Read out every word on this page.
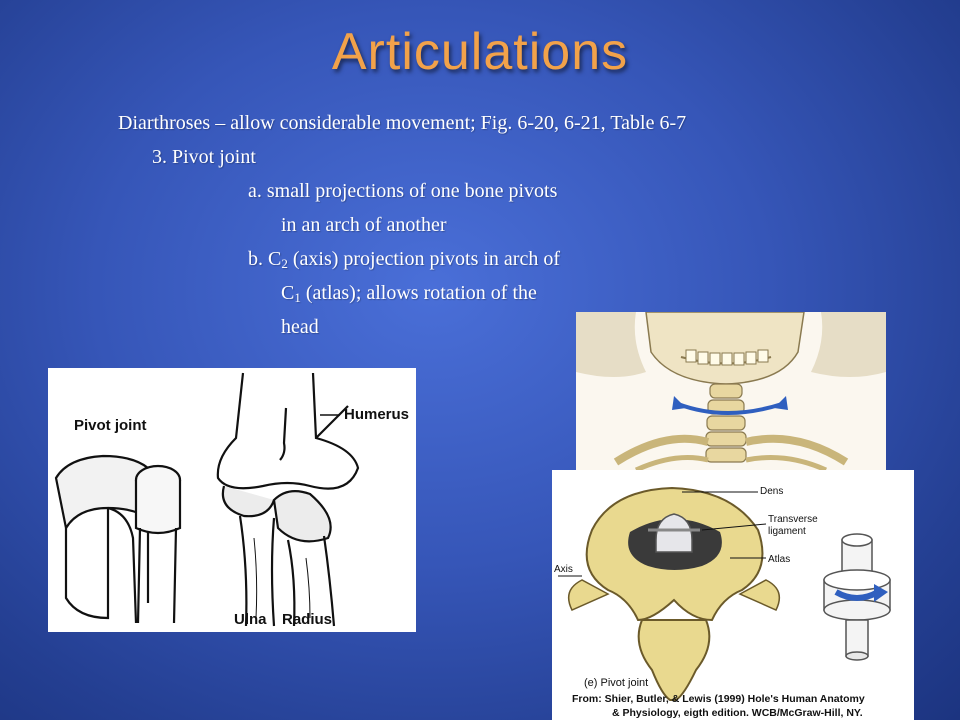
Articulations
Diarthroses – allow considerable movement; Fig. 6-20, 6-21, Table 6-7
3. Pivot joint
a. small projections of one bone pivots
in an arch of another
b. $C_2$ (axis) projection pivots in arch of
$C_1$ (atlas); allows rotation of the
head
Pivot joint
Humerus
Ulna Radius
Dens
Transverse
ligament
Atlas
Axis
(e) Pivot joint
From: Shier, Butler, & Lewis (1999) Hole's Human Anatomy
& Physiology, eigth edition. WCB/McGraw-Hill, NY.
